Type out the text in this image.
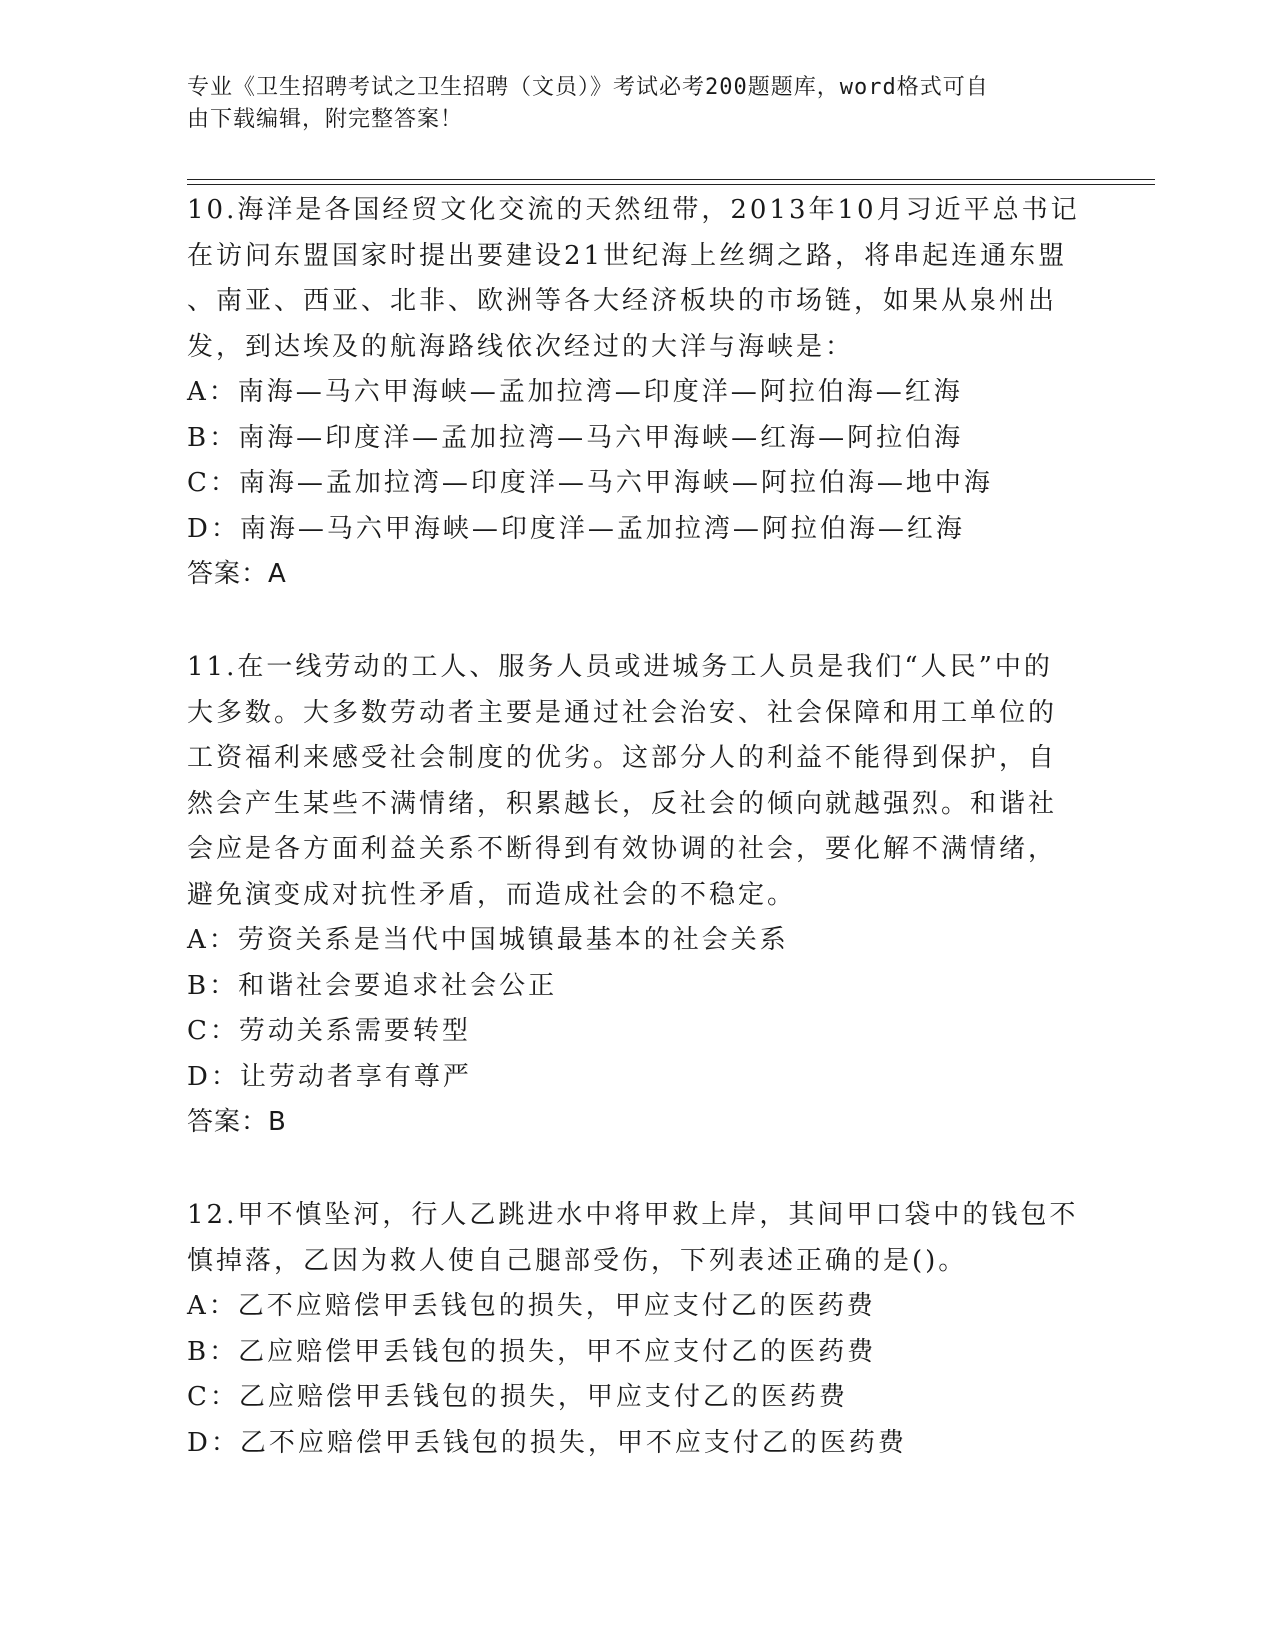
专业《卫生招聘考试之卫生招聘（文员）》考试必考200题题库，word格式可自
由下载编辑，附完整答案！
10.海洋是各国经贸文化交流的天然纽带，2013年10月习近平总书记
在访问东盟国家时提出要建设21世纪海上丝绸之路，将串起连通东盟
、南亚、西亚、北非、欧洲等各大经济板块的市场链，如果从泉州出
发，到达埃及的航海路线依次经过的大洋与海峡是：
A：南海—马六甲海峡—孟加拉湾—印度洋—阿拉伯海—红海
B：南海—印度洋—孟加拉湾—马六甲海峡—红海—阿拉伯海
C：南海—孟加拉湾—印度洋—马六甲海峡—阿拉伯海—地中海
D：南海—马六甲海峡—印度洋—孟加拉湾—阿拉伯海—红海
答案：A
11.在一线劳动的工人、服务人员或进城务工人员是我们“人民”中的
大多数。大多数劳动者主要是通过社会治安、社会保障和用工单位的
工资福利来感受社会制度的优劣。这部分人的利益不能得到保护，自
然会产生某些不满情绪，积累越长，反社会的倾向就越强烈。和谐社
会应是各方面利益关系不断得到有效协调的社会，要化解不满情绪，
避免演变成对抗性矛盾，而造成社会的不稳定。
A：劳资关系是当代中国城镇最基本的社会关系
B：和谐社会要追求社会公正
C：劳动关系需要转型
D：让劳动者享有尊严
答案：B
12.甲不慎坠河，行人乙跳进水中将甲救上岸，其间甲口袋中的钱包不
慎掉落，乙因为救人使自己腿部受伤，下列表述正确的是()。
A：乙不应赔偿甲丢钱包的损失，甲应支付乙的医药费
B：乙应赔偿甲丢钱包的损失，甲不应支付乙的医药费
C：乙应赔偿甲丢钱包的损失，甲应支付乙的医药费
D：乙不应赔偿甲丢钱包的损失，甲不应支付乙的医药费
